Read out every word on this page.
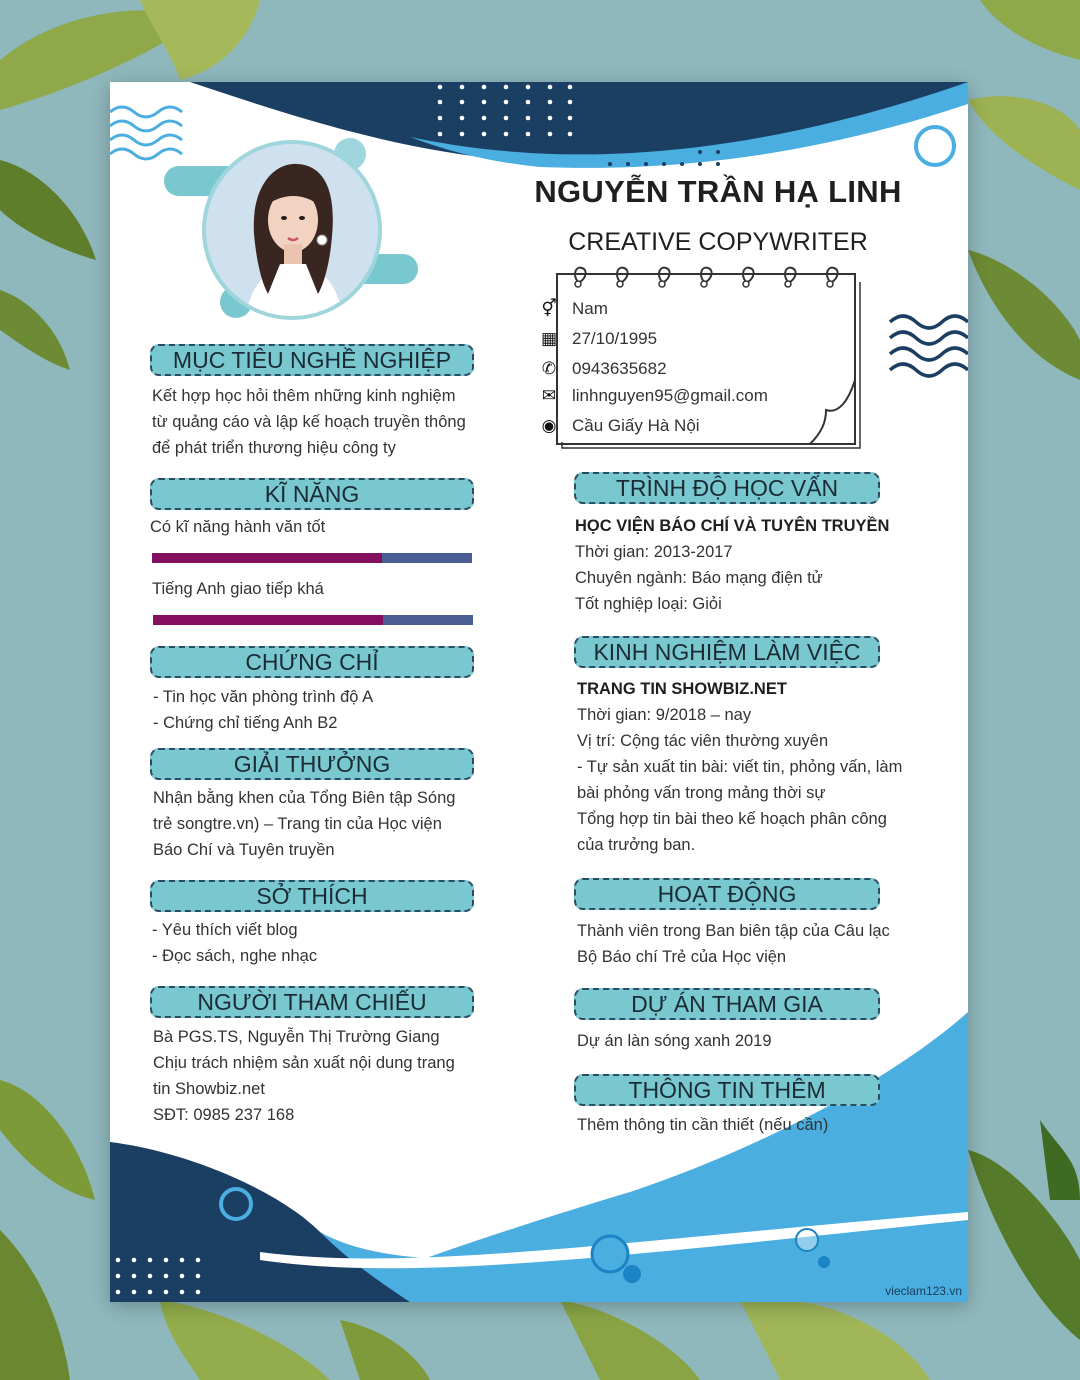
NGUYỄN TRẦN HẠ LINH
CREATIVE COPYWRITER
⚥ Nam
▦ 27/10/1995
✆ 0943635682
✉ linhnguyen95@gmail.com
◉ Cầu Giấy Hà Nội
MỤC TIÊU NGHỀ NGHIỆP
Kết hợp học hỏi thêm những kinh nghiệm
từ quảng cáo và lập kế hoạch truyền thông
để phát triển thương hiệu công ty
KĨ NĂNG
Có kĩ năng hành văn tốt
Tiếng Anh giao tiếp khá
CHỨNG CHỈ
- Tin học văn phòng trình độ A
- Chứng chỉ tiếng Anh B2
GIẢI THƯỞNG
Nhận bằng khen của Tổng Biên tập Sóng
trẻ songtre.vn) – Trang tin của Học viện
Báo Chí và Tuyên truyền
SỞ THÍCH
- Yêu thích viết blog
- Đọc sách, nghe nhạc
NGƯỜI THAM CHIẾU
Bà PGS.TS, Nguyễn Thị Trường Giang
Chịu trách nhiệm sản xuất nội dung trang
tin Showbiz.net
SĐT: 0985 237 168
TRÌNH ĐỘ HỌC VẤN
HỌC VIỆN BÁO CHÍ VÀ TUYÊN TRUYỀN
Thời gian: 2013-2017
Chuyên ngành: Báo mạng điện tử
Tốt nghiệp loại: Giỏi
KINH NGHIỆM LÀM VIỆC
TRANG TIN SHOWBIZ.NET
Thời gian: 9/2018 – nay
Vị trí: Cộng tác viên thường xuyên
- Tự sản xuất tin bài: viết tin, phỏng vấn, làm
bài phỏng vấn trong mảng thời sự
Tổng hợp tin bài theo kế hoạch phân công
của trưởng ban.
HOẠT ĐỘNG
Thành viên trong Ban biên tập của Câu lạc
Bộ Báo chí Trẻ của Học viện
DỰ ÁN THAM GIA
Dự án làn sóng xanh 2019
THÔNG TIN THÊM
Thêm thông tin cần thiết (nếu cần)
vieclam123.vn
